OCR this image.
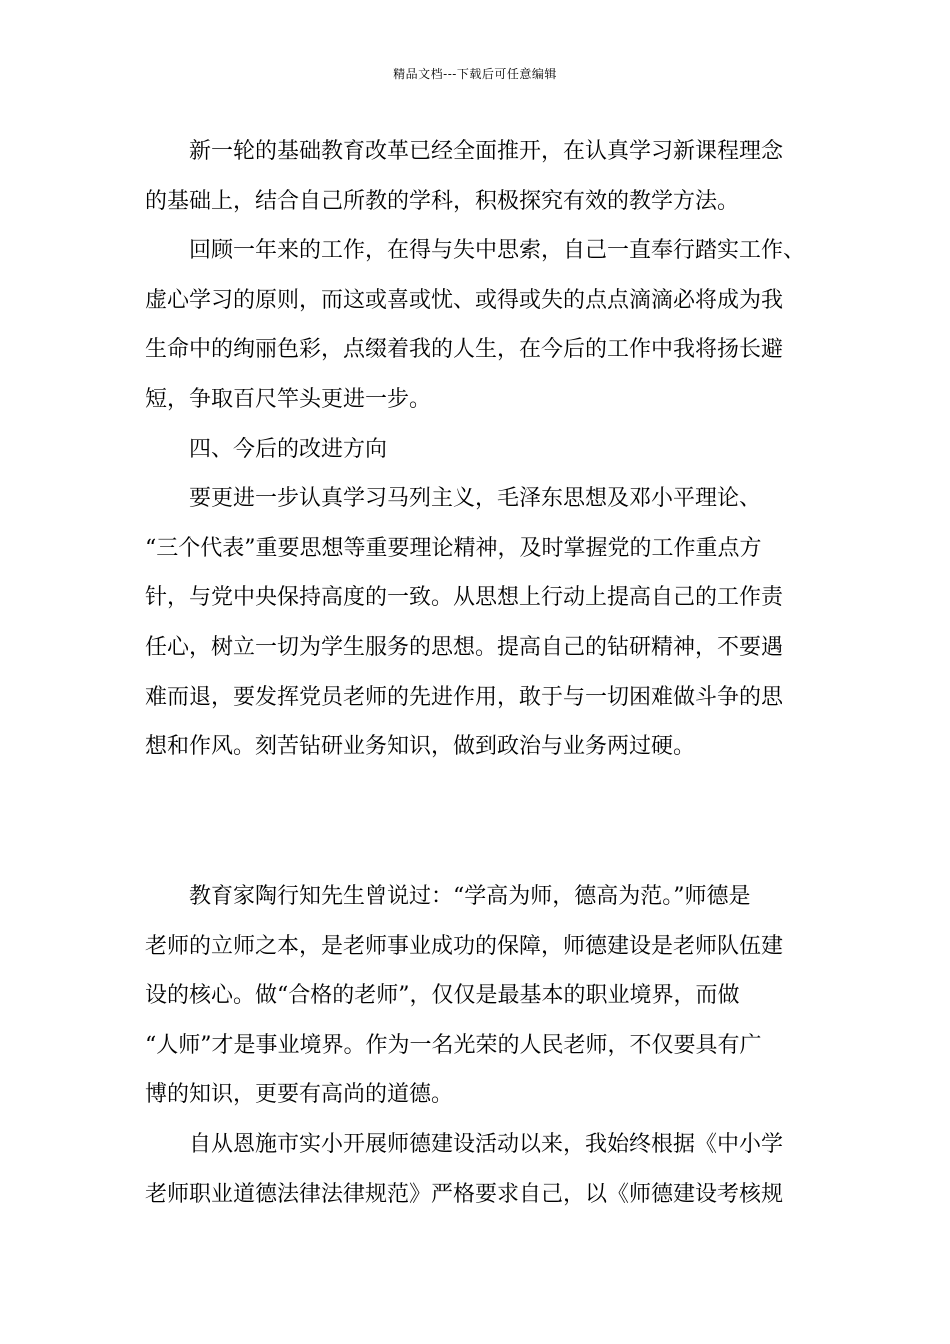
精品文档---下载后可任意编辑

　　新一轮的基础教育改革已经全面推开，在认真学习新课程理念

的基础上，结合自己所教的学科，积极探究有效的教学方法。

　　回顾一年来的工作，在得与失中思索，自己一直奉行踏实工作、

虚心学习的原则，而这或喜或忧、或得或失的点点滴滴必将成为我

生命中的绚丽色彩，点缀着我的人生，在今后的工作中我将扬长避

短，争取百尺竿头更进一步。

　　四、今后的改进方向

　　要更进一步认真学习马列主义，毛泽东思想及邓小平理论、

“三个代表”重要思想等重要理论精神，及时掌握党的工作重点方

针，与党中央保持高度的一致。从思想上行动上提高自己的工作责

任心，树立一切为学生服务的思想。提高自己的钻研精神，不要遇

难而退，要发挥党员老师的先进作用，敢于与一切困难做斗争的思

想和作风。刻苦钻研业务知识，做到政治与业务两过硬。

　　教育家陶行知先生曾说过：“学高为师，德高为范。”师德是

老师的立师之本，是老师事业成功的保障，师德建设是老师队伍建

设的核心。做“合格的老师”，仅仅是最基本的职业境界，而做

“人师”才是事业境界。作为一名光荣的人民老师，不仅要具有广

博的知识，更要有高尚的道德。

　　自从恩施市实小开展师德建设活动以来，我始终根据《中小学

老师职业道德法律法律规范》严格要求自己，以《师德建设考核规
